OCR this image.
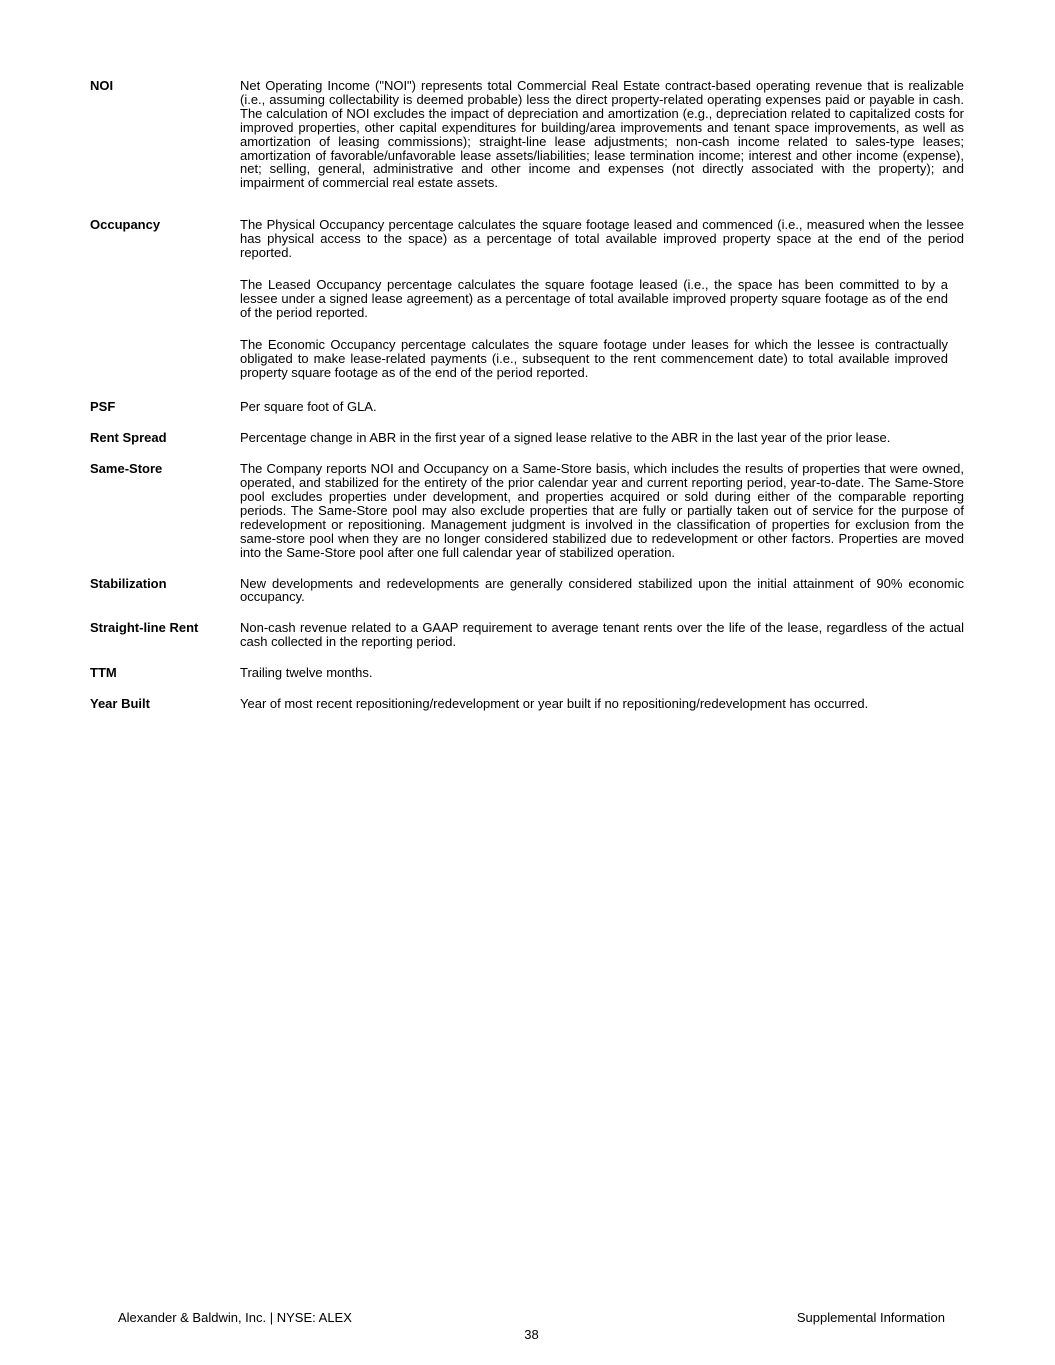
NOI	Net Operating Income ("NOI") represents total Commercial Real Estate contract-based operating revenue that is realizable (i.e., assuming collectability is deemed probable) less the direct property-related operating expenses paid or payable in cash. The calculation of NOI excludes the impact of depreciation and amortization (e.g., depreciation related to capitalized costs for improved properties, other capital expenditures for building/area improvements and tenant space improvements, as well as amortization of leasing commissions); straight-line lease adjustments; non-cash income related to sales-type leases; amortization of favorable/unfavorable lease assets/liabilities; lease termination income; interest and other income (expense), net; selling, general, administrative and other income and expenses (not directly associated with the property); and impairment of commercial real estate assets.

Occupancy	The Physical Occupancy percentage calculates the square footage leased and commenced (i.e., measured when the lessee has physical access to the space) as a percentage of total available improved property space at the end of the period reported.

The Leased Occupancy percentage calculates the square footage leased (i.e., the space has been committed to by a lessee under a signed lease agreement) as a percentage of total available improved property square footage as of the end of the period reported.

The Economic Occupancy percentage calculates the square footage under leases for which the lessee is contractually obligated to make lease-related payments (i.e., subsequent to the rent commencement date) to total available improved property square footage as of the end of the period reported.

PSF	Per square foot of GLA.

Rent Spread	Percentage change in ABR in the first year of a signed lease relative to the ABR in the last year of the prior lease.

Same-Store	The Company reports NOI and Occupancy on a Same-Store basis, which includes the results of properties that were owned, operated, and stabilized for the entirety of the prior calendar year and current reporting period, year-to-date. The Same-Store pool excludes properties under development, and properties acquired or sold during either of the comparable reporting periods. The Same-Store pool may also exclude properties that are fully or partially taken out of service for the purpose of redevelopment or repositioning. Management judgment is involved in the classification of properties for exclusion from the same-store pool when they are no longer considered stabilized due to redevelopment or other factors. Properties are moved into the Same-Store pool after one full calendar year of stabilized operation.

Stabilization	New developments and redevelopments are generally considered stabilized upon the initial attainment of 90% economic occupancy.

Straight-line Rent	Non-cash revenue related to a GAAP requirement to average tenant rents over the life of the lease, regardless of the actual cash collected in the reporting period.

TTM	Trailing twelve months.

Year Built	Year of most recent repositioning/redevelopment or year built if no repositioning/redevelopment has occurred.

Alexander & Baldwin, Inc. | NYSE: ALEX	Supplemental Information
38
